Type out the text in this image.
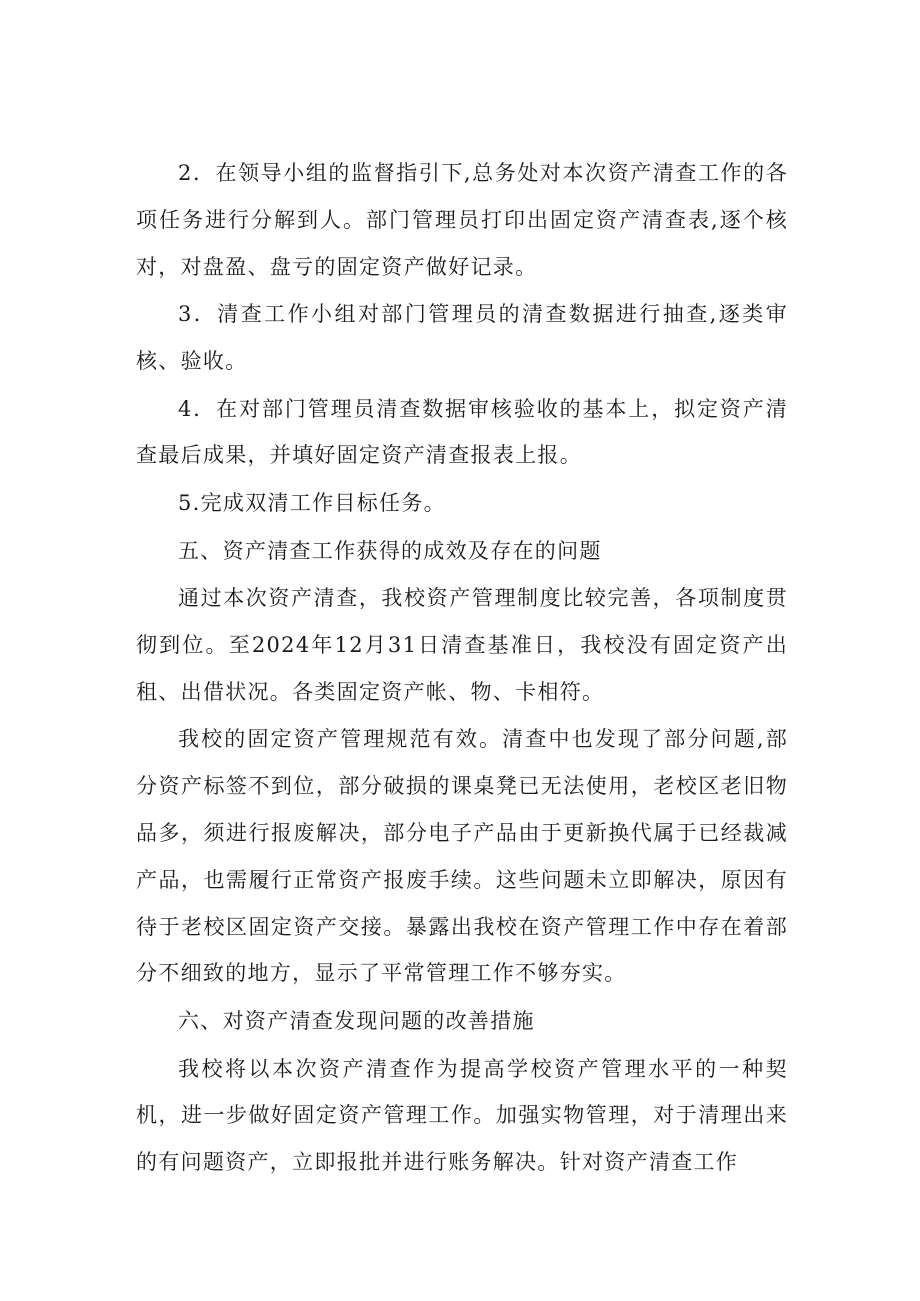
2．在领导小组的监督指引下,总务处对本次资产清查工作的各项任务进行分解到人。部门管理员打印出固定资产清查表,逐个核对，对盘盈、盘亏的固定资产做好记录。

3．清查工作小组对部门管理员的清查数据进行抽查,逐类审核、验收。

4．在对部门管理员清查数据审核验收的基本上，拟定资产清查最后成果，并填好固定资产清查报表上报。

5.完成双清工作目标任务。

五、资产清查工作获得的成效及存在的问题

通过本次资产清查，我校资产管理制度比较完善，各项制度贯彻到位。至2024年12月31日清查基准日，我校没有固定资产出租、出借状况。各类固定资产帐、物、卡相符。

我校的固定资产管理规范有效。清查中也发现了部分问题,部分资产标签不到位，部分破损的课桌凳已无法使用，老校区老旧物品多，须进行报废解决，部分电子产品由于更新换代属于已经裁减产品，也需履行正常资产报废手续。这些问题未立即解决，原因有待于老校区固定资产交接。暴露出我校在资产管理工作中存在着部分不细致的地方，显示了平常管理工作不够夯实。

六、对资产清查发现问题的改善措施

我校将以本次资产清查作为提高学校资产管理水平的一种契机，进一步做好固定资产管理工作。加强实物管理，对于清理出来的有问题资产，立即报批并进行账务解决。针对资产清查工作
